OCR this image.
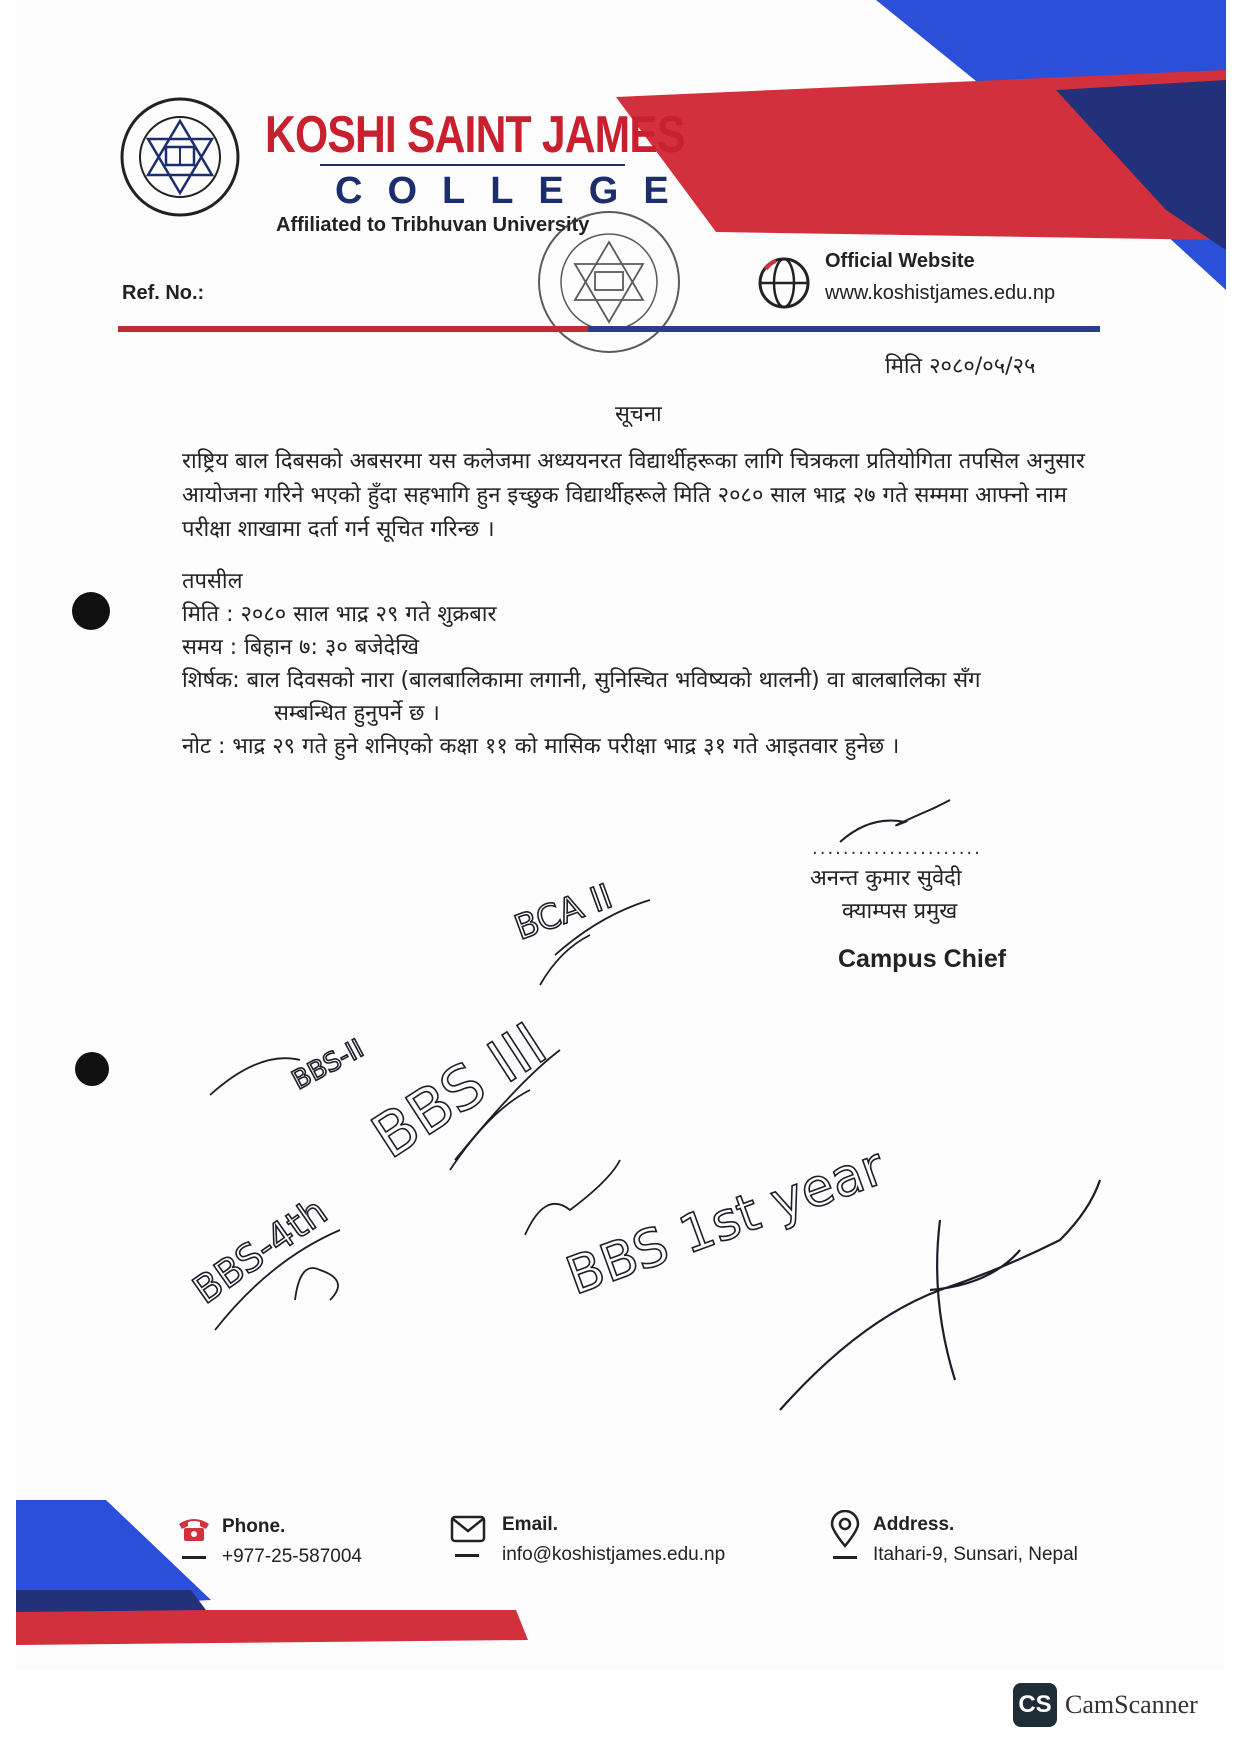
KOSHI SAINT JAMES
COLLEGE
Affiliated to Tribhuvan University
Ref. No.:
Official Website
www.koshistjames.edu.np
मिति २०८०/०५/२५
सूचना
राष्ट्रिय बाल दिबसको अबसरमा यस कलेजमा अध्ययनरत विद्यार्थीहरूका लागि चित्रकला प्रतियोगिता तपसिल अनुसार आयोजना गरिने भएको हुँदा सहभागि हुन इच्छुक विद्यार्थीहरूले मिति २०८० साल भाद्र २७ गते सम्ममा आफ्नो नाम परीक्षा शाखामा दर्ता गर्न सूचित गरिन्छ ।
तपसील
मिति : २०८० साल भाद्र २९ गते शुक्रबार
समय : बिहान ७: ३० बजेदेखि
शिर्षक: बाल दिवसको नारा (बालबालिकामा लगानी, सुनिस्चित भविष्यको थालनी) वा बालबालिका सँग
सम्बन्धित हुनुपर्ने छ ।
नोट : भाद्र २९ गते हुने शनिएको कक्षा ११ को मासिक परीक्षा भाद्र ३१ गते आइतवार हुनेछ ।
......................
अनन्त कुमार सुवेदी
क्याम्पस प्रमुख
Campus Chief
BCA II
BBS-II
BBS III
BBS-4th	BBS 1st year
Phone.
+977-25-587004
Email.
info@koshistjames.edu.np
Address.
Itahari-9, Sunsari, Nepal
CS CamScanner
